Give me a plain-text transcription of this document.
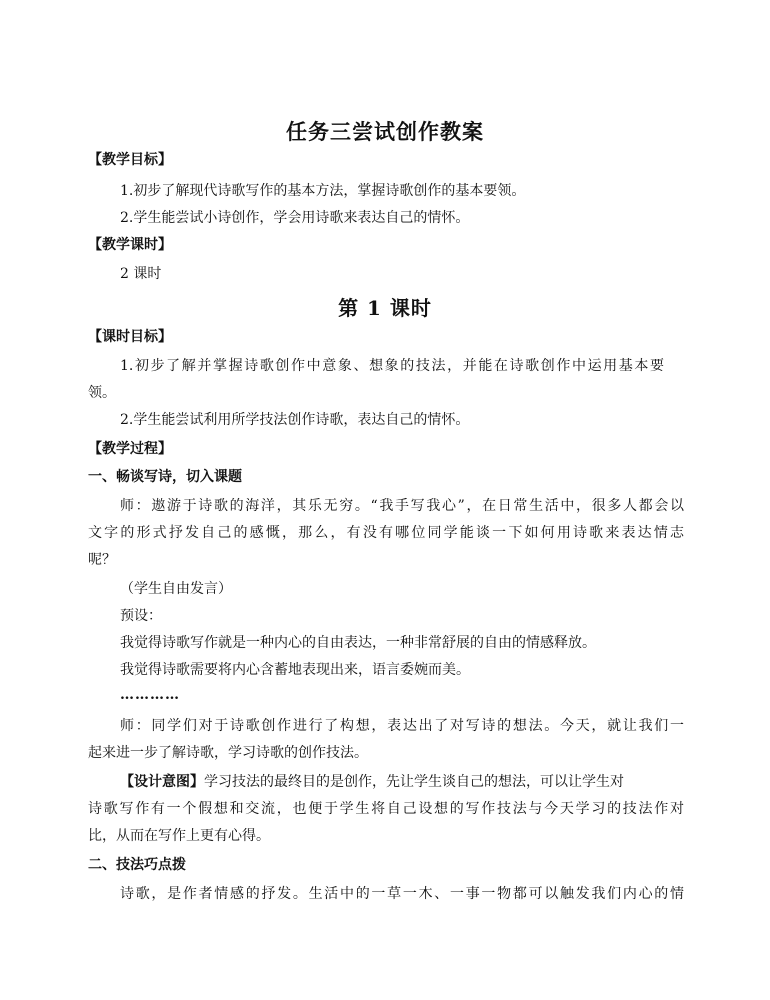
任务三尝试创作教案
【教学目标】
1.初步了解现代诗歌写作的基本方法，掌握诗歌创作的基本要领。
2.学生能尝试小诗创作，学会用诗歌来表达自己的情怀。
【教学课时】
2 课时
第 1 课时
【课时目标】
1.初步了解并掌握诗歌创作中意象、想象的技法，并能在诗歌创作中运用基本要
领。
2.学生能尝试利用所学技法创作诗歌，表达自己的情怀。
【教学过程】
一、畅谈写诗，切入课题
师：遨游于诗歌的海洋，其乐无穷。“我手写我心”，在日常生活中，很多人都会以
文字的形式抒发自己的感慨，那么，有没有哪位同学能谈一下如何用诗歌来表达情志
呢？
（学生自由发言）
预设：
我觉得诗歌写作就是一种内心的自由表达，一种非常舒展的自由的情感释放。
我觉得诗歌需要将内心含蓄地表现出来，语言委婉而美。
…………
师：同学们对于诗歌创作进行了构想，表达出了对写诗的想法。今天，就让我们一
起来进一步了解诗歌，学习诗歌的创作技法。
【设计意图】学习技法的最终目的是创作，先让学生谈自己的想法，可以让学生对
诗歌写作有一个假想和交流，也便于学生将自己设想的写作技法与今天学习的技法作对
比，从而在写作上更有心得。
二、技法巧点拨
诗歌，是作者情感的抒发。生活中的一草一木、一事一物都可以触发我们内心的情
